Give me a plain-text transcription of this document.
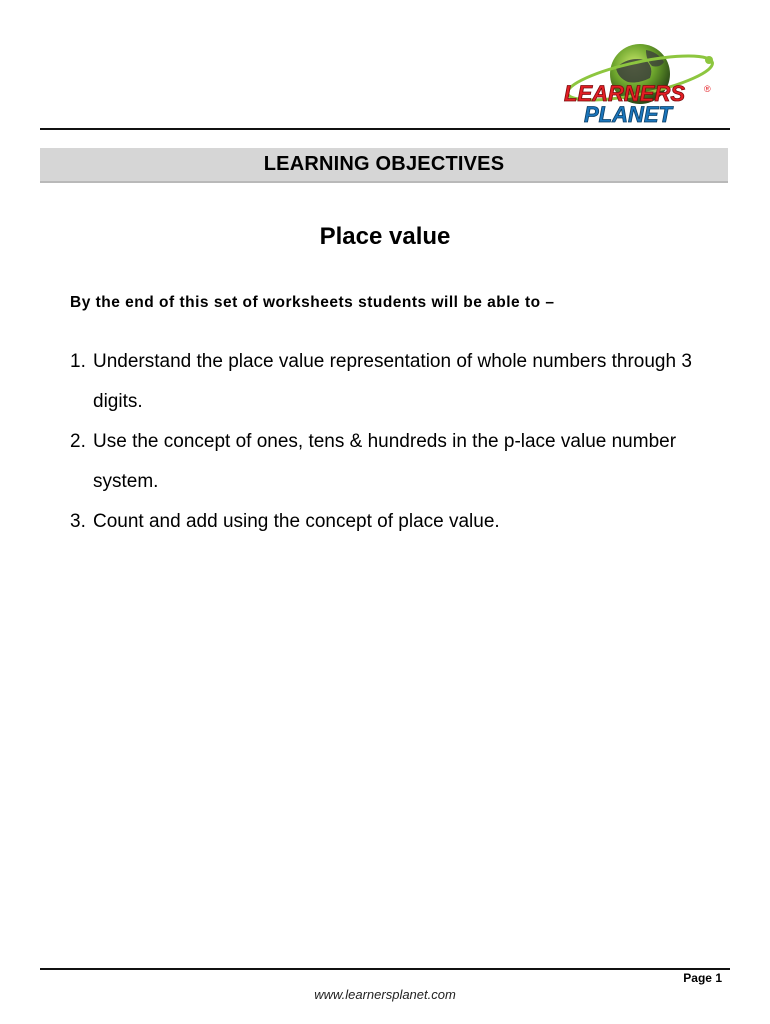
LEARNERS ®
PLANET
LEARNING OBJECTIVES
Place value
By the end of this set of worksheets students will be able to –
1. Understand the place value representation of whole numbers through 3 digits.
2. Use the concept of ones, tens & hundreds in the p-lace value number system.
3. Count and add using the concept of place value.
Page 1
www.learnersplanet.com
